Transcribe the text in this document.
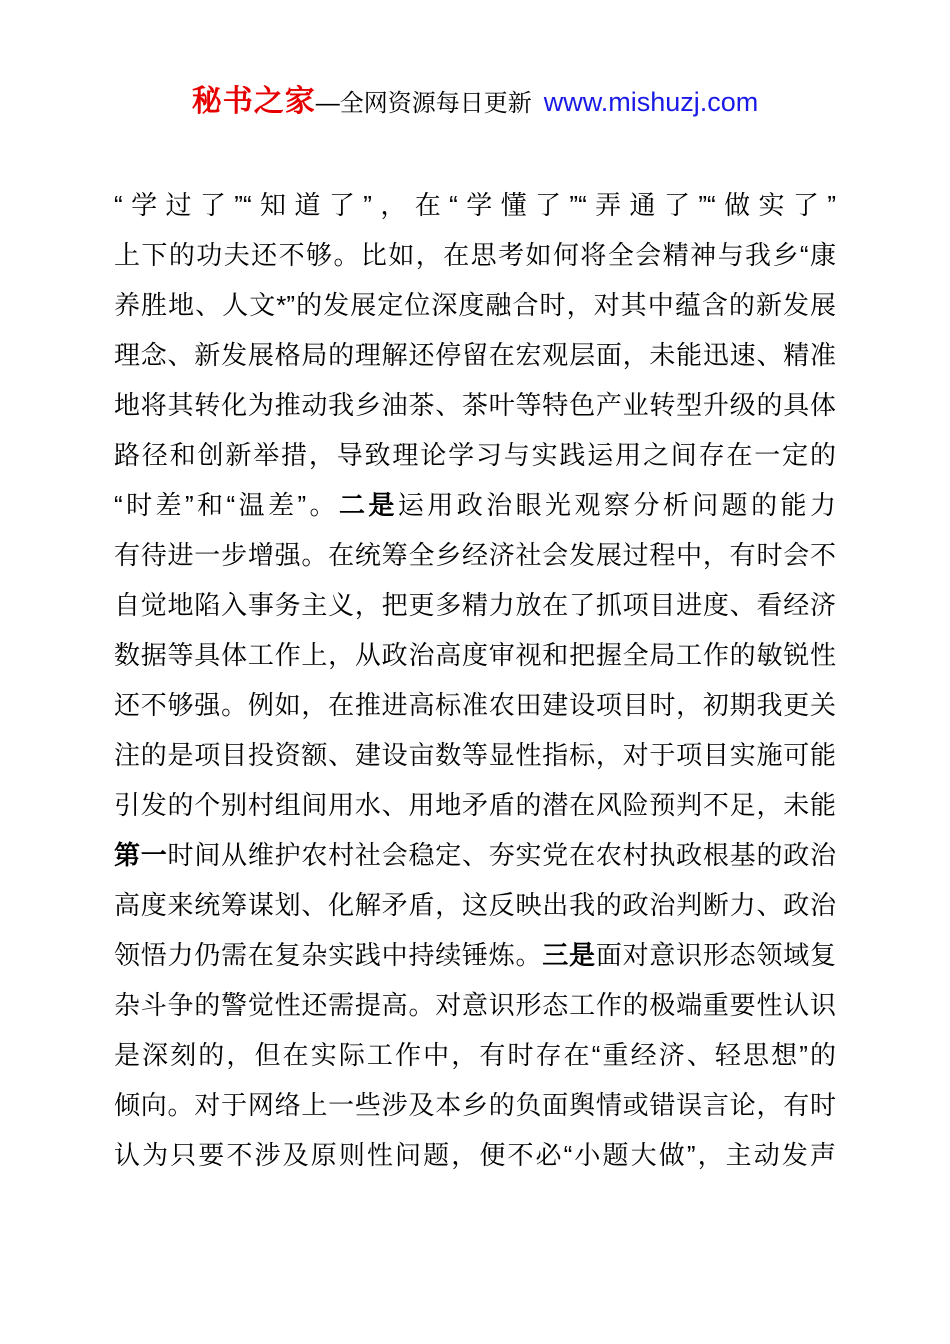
秘书之家—全网资源每日更新 www.mishuzj.com
“学过了”“知道了”，在“学懂了”“弄通了”“做实了”
上下的功夫还不够。比如，在思考如何将全会精神与我乡“康
养胜地、人文*”的发展定位深度融合时，对其中蕴含的新发展
理念、新发展格局的理解还停留在宏观层面，未能迅速、精准
地将其转化为推动我乡油茶、茶叶等特色产业转型升级的具体
路径和创新举措，导致理论学习与实践运用之间存在一定的
“时差”和“温差”。二是运用政治眼光观察分析问题的能力
有待进一步增强。在统筹全乡经济社会发展过程中，有时会不
自觉地陷入事务主义，把更多精力放在了抓项目进度、看经济
数据等具体工作上，从政治高度审视和把握全局工作的敏锐性
还不够强。例如，在推进高标准农田建设项目时，初期我更关
注的是项目投资额、建设亩数等显性指标，对于项目实施可能
引发的个别村组间用水、用地矛盾的潜在风险预判不足，未能
第一时间从维护农村社会稳定、夯实党在农村执政根基的政治
高度来统筹谋划、化解矛盾，这反映出我的政治判断力、政治
领悟力仍需在复杂实践中持续锤炼。三是面对意识形态领域复
杂斗争的警觉性还需提高。对意识形态工作的极端重要性认识
是深刻的，但在实际工作中，有时存在“重经济、轻思想”的
倾向。对于网络上一些涉及本乡的负面舆情或错误言论，有时
认为只要不涉及原则性问题，便不必“小题大做”，主动发声
